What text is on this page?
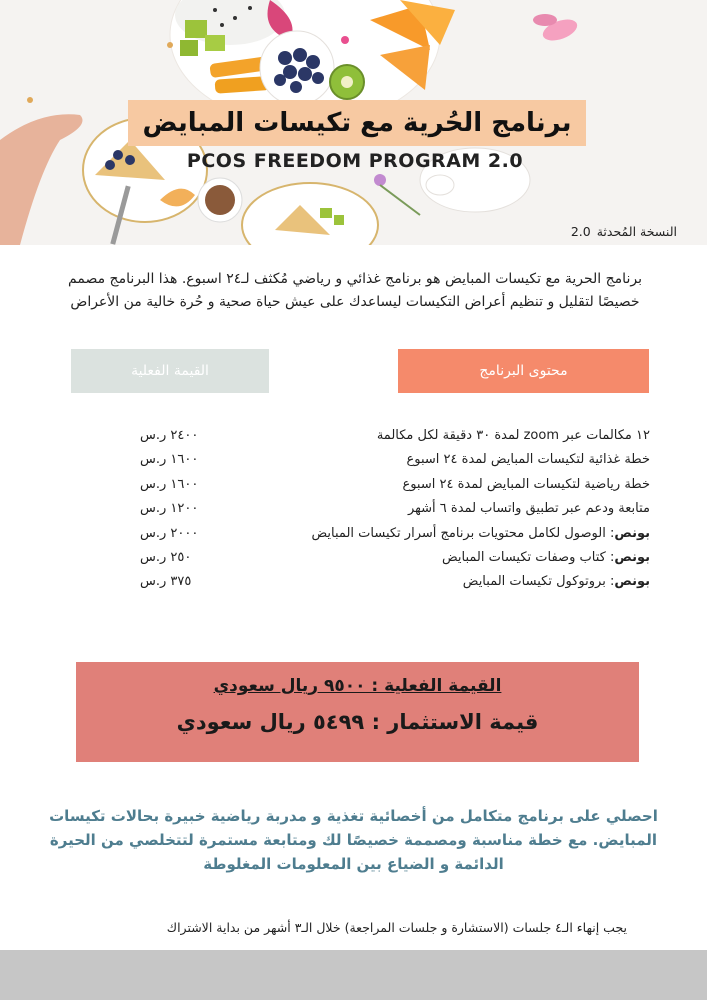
برنامج الحُرية مع تكيسات المبايض
PCOS FREEDOM PROGRAM 2.0
النسخة المُحدثة2.0
برنامج الحرية مع تكيسات المبايض هو برنامج غذائي و رياضي مُكثف لـ٢٤ اسبوع. هذا البرنامج مصمم خصيصًا لتقليل و تنظيم أعراض التكيسات ليساعدك على عيش حياة صحية و حُرة خالية من الأعراض
محتوى البرنامج
القيمة الفعلية
١٢ مكالمات عبر zoom لمدة ٣٠ دقيقة لكل مكالمة
٢٤٠٠ ر.س
خطة غذائية لتكيسات المبايض لمدة ٢٤ اسبوع
١٦٠٠ ر.س
خطة رياضية لتكيسات المبايض لمدة ٢٤ اسبوع
١٦٠٠ ر.س
متابعة ودعم عبر تطبيق واتساب لمدة ٦ أشهر
١٢٠٠ ر.س
بونص: الوصول لكامل محتويات برنامج أسرار تكيسات المبايض
٢٠٠٠ ر.س
بونص: كتاب وصفات تكيسات المبايض
٢٥٠ ر.س
بونص: بروتوكول تكيسات المبايض
٣٧٥ ر.س
القيمة الفعلية : ٩٥٠٠ ريال سعودي
قيمة الاستثمار : ٥٤٩٩ ريال سعودي
احصلي على برنامج متكامل من أخصائية تغذية و مدربة رياضية خبيرة بحالات تكيسات المبايض. مع خطة مناسبة ومصممة خصيصًا لك ومتابعة مستمرة لتتخلصي من الحيرة الدائمة و الضياع بين المعلومات المغلوطة
يجب إنهاء الـ٤ جلسات (الاستشارة و جلسات المراجعة) خلال الـ٣ أشهر من بداية الاشتراك
